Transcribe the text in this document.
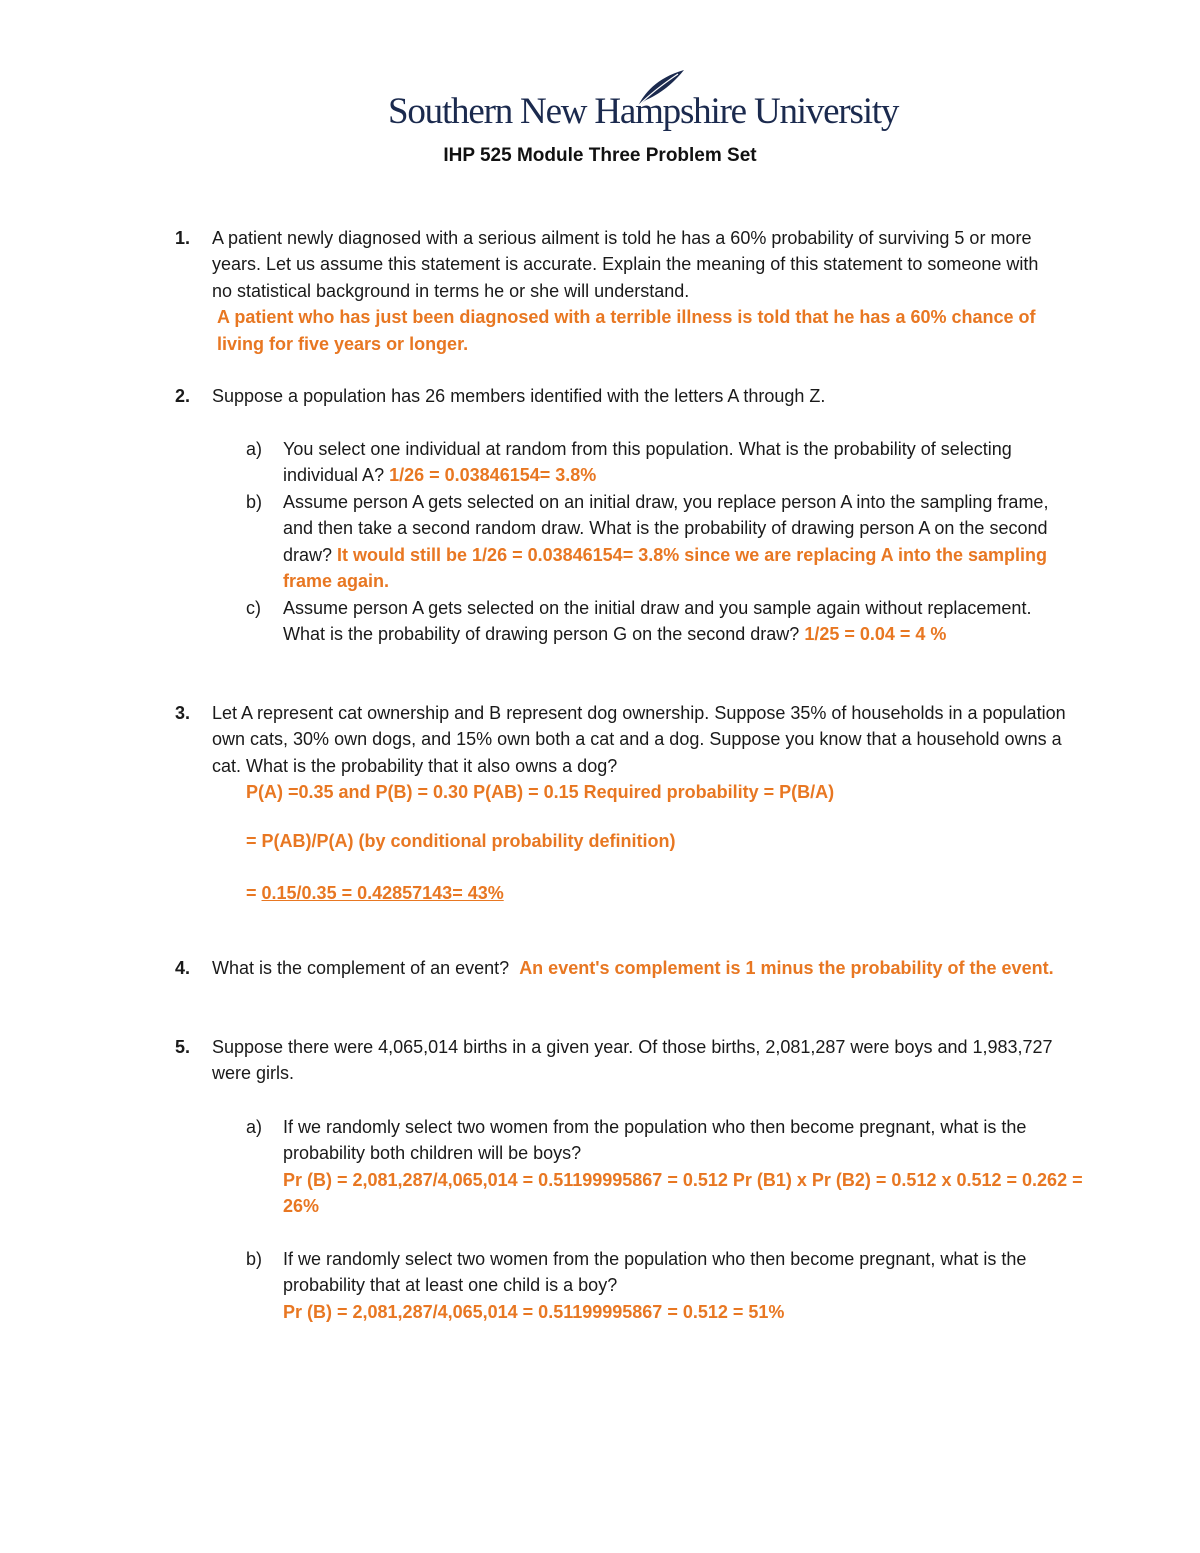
Southern New Hampshire University
IHP 525 Module Three Problem Set
1. A patient newly diagnosed with a serious ailment is told he has a 60% probability of surviving 5 or more years. Let us assume this statement is accurate. Explain the meaning of this statement to someone with no statistical background in terms he or she will understand.

A patient who has just been diagnosed with a terrible illness is told that he has a 60% chance of living for five years or longer.

2. Suppose a population has 26 members identified with the letters A through Z.
a) You select one individual at random from this population. What is the probability of selecting individual A? 1/26 = 0.03846154= 3.8%
b) Assume person A gets selected on an initial draw, you replace person A into the sampling frame, and then take a second random draw. What is the probability of drawing person A on the second draw? It would still be 1/26 = 0.03846154= 3.8% since we are replacing A into the sampling frame again.
c) Assume person A gets selected on the initial draw and you sample again without replacement. What is the probability of drawing person G on the second draw? 1/25 = 0.04 = 4 %
3. Let A represent cat ownership and B represent dog ownership. Suppose 35% of households in a population own cats, 30% own dogs, and 15% own both a cat and a dog. Suppose you know that a household owns a cat. What is the probability that it also owns a dog?
P(A) =0.35 and P(B) = 0.30 P(AB) = 0.15 Required probability = P(B/A)
= P(AB)/P(A) (by conditional probability definition)
= 0.15/0.35 = 0.42857143= 43%
4. What is the complement of an event? An event's complement is 1 minus the probability of the event.
5. Suppose there were 4,065,014 births in a given year. Of those births, 2,081,287 were boys and 1,983,727 were girls.
a) If we randomly select two women from the population who then become pregnant, what is the probability both children will be boys?

Pr (B) = 2,081,287/4,065,014 = 0.51199995867 = 0.512 Pr (B1) x Pr (B2) = 0.512 x 0.512 = 0.262 = 26%

b) If we randomly select two women from the population who then become pregnant, what is the probability that at least one child is a boy?

Pr (B) = 2,081,287/4,065,014 = 0.51199995867 = 0.512 = 51%
